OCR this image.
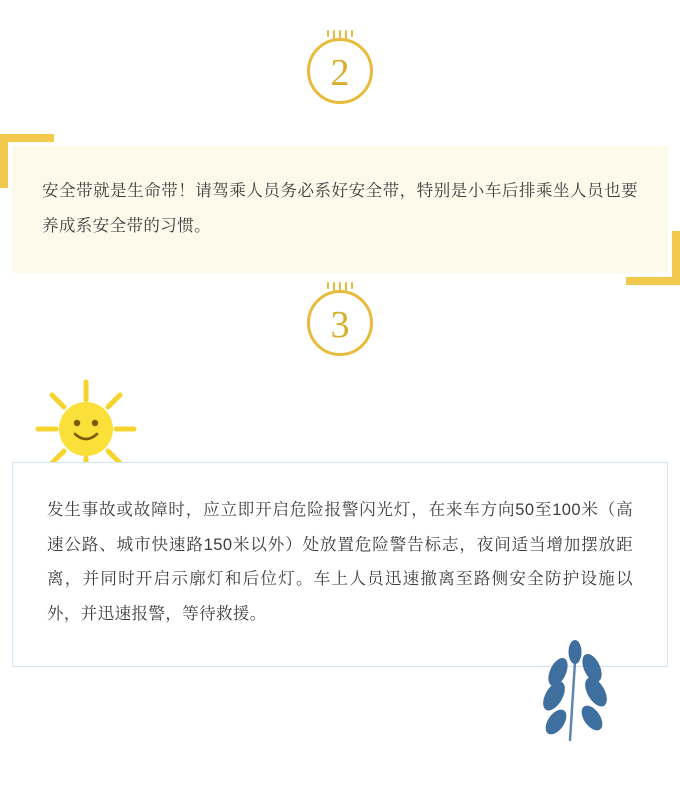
2

安全带就是生命带！请驾乘人员务必系好安全带，特别是小车后排乘坐人员也要养成系安全带的习惯。

3

发生事故或故障时，应立即开启危险报警闪光灯，在来车方向50至100米（高速公路、城市快速路150米以外）处放置危险警告标志，夜间适当增加摆放距离，并同时开启示廓灯和后位灯。车上人员迅速撤离至路侧安全防护设施以外，并迅速报警，等待救援。
